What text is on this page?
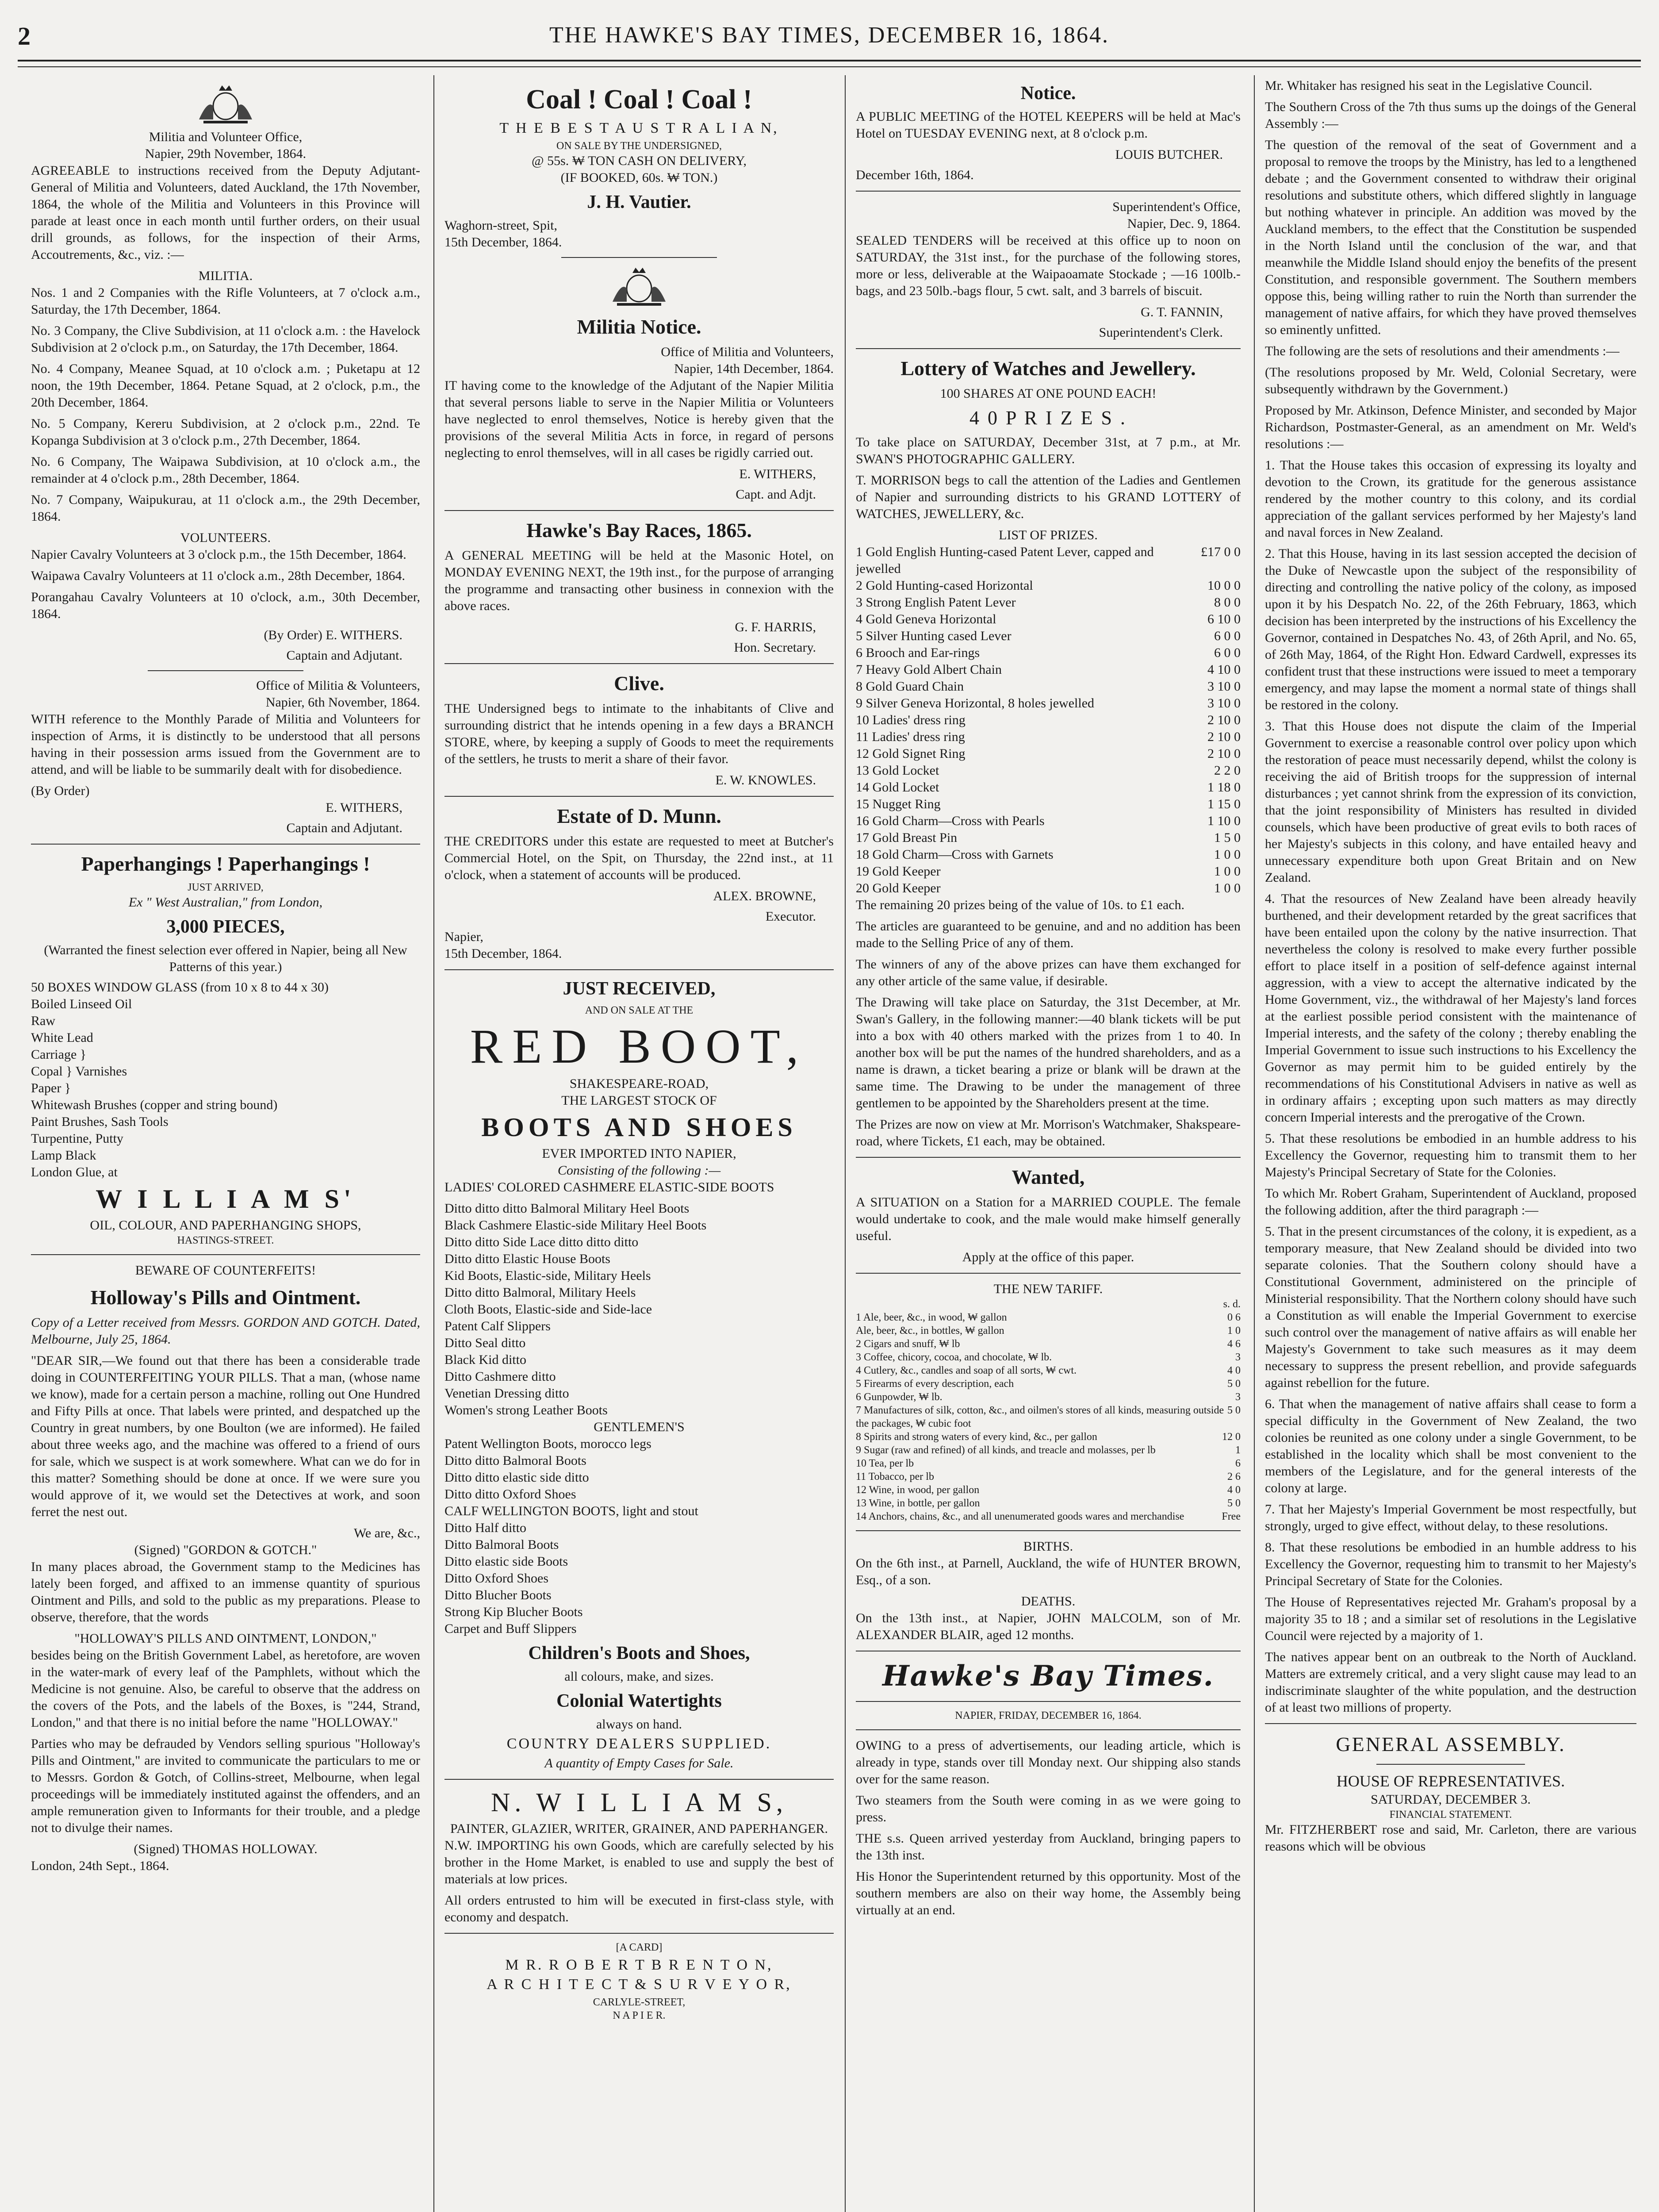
2	THE HAWKE'S BAY TIMES, DECEMBER 16, 1864.
Militia and Volunteer Office,
Napier, 29th November, 1864.

AGREEABLE to instructions received from the Deputy Adjutant-General of Militia and Volunteers, dated Auckland, the 17th November, 1864, the whole of the Militia and Volunteers in this Province will parade at least once in each month until further orders, on their usual drill grounds, as follows, for the inspection of their Arms, Accoutrements, &c., viz. :—

MILITIA.

Nos. 1 and 2 Companies with the Rifle Volunteers, at 7 o'clock a.m., Saturday, the 17th December, 1864.

No. 3 Company, the Clive Subdivision, at 11 o'clock a.m. : the Havelock Subdivision at 2 o'clock p.m., on Saturday, the 17th December, 1864.

No. 4 Company, Meanee Squad, at 10 o'clock a.m. ; Puketapu at 12 noon, the 19th December, 1864. Petane Squad, at 2 o'clock, p.m., the 20th December, 1864.

No. 5 Company, Kereru Subdivision, at 2 o'clock p.m., 22nd. Te Kopanga Subdivision at 3 o'clock p.m., 27th December, 1864.

No. 6 Company, The Waipawa Subdivision, at 10 o'clock a.m., the remainder at 4 o'clock p.m., 28th December, 1864.

No. 7 Company, Waipukurau, at 11 o'clock a.m., the 29th December, 1864.

VOLUNTEERS.

Napier Cavalry Volunteers at 3 o'clock p.m., the 15th December, 1864.

Waipawa Cavalry Volunteers at 11 o'clock a.m., 28th December, 1864.

Porangahau Cavalry Volunteers at 10 o'clock, a.m., 30th December, 1864.

(By Order) E. WITHERS.
Captain and Adjutant.
Office of Militia & Volunteers,
Napier, 6th November, 1864.

WITH reference to the Monthly Parade of Militia and Volunteers for inspection of Arms, it is distinctly to be understood that all persons having in their possession arms issued from the Government are to attend, and will be liable to be summarily dealt with for disobedience.

(By Order)
E. WITHERS,
Captain and Adjutant.
Paperhangings ! Paperhangings !
JUST ARRIVED,
Ex " West Australian," from London,
3,000 PIECES,
(Warranted the finest selection ever offered in Napier, being all New Patterns of this year.)
50 BOXES WINDOW GLASS (from 10 x 8 to 44 x 30)
Boiled Linseed Oil
Raw
White Lead
Carriage }
Copal } Varnishes
Paper }
Whitewash Brushes (copper and string bound)
Paint Brushes, Sash Tools
Turpentine, Putty
Lamp Black
London Glue, at
W I L L I A M S'
OIL, COLOUR, AND PAPERHANGING SHOPS,
HASTINGS-STREET.
BEWARE OF COUNTERFEITS!
Holloway's Pills and Ointment.

Copy of a Letter received from Messrs. GORDON AND GOTCH. Dated, Melbourne, July 25, 1864.

"DEAR SIR,—We found out that there has been a considerable trade doing in COUNTERFEITING YOUR PILLS. That a man, (whose name we know), made for a certain person a machine, rolling out One Hundred and Fifty Pills at once. That labels were printed, and despatched up the Country in great numbers, by one Boulton (we are informed). He failed about three weeks ago, and the machine was offered to a friend of ours for sale, which we suspect is at work somewhere. What can we do for in this matter? Something should be done at once. If we were sure you would approve of it, we would set the Detectives at work, and soon ferret the nest out.

We are, &c.,
(Signed) "GORDON & GOTCH."

In many places abroad, the Government stamp to the Medicines has lately been forged, and affixed to an immense quantity of spurious Ointment and Pills, and sold to the public as my preparations. Please to observe, therefore, that the words

"HOLLOWAY'S PILLS AND OINTMENT, LONDON,"

besides being on the British Government Label, as heretofore, are woven in the water-mark of every leaf of the Pamphlets, without which the Medicine is not genuine. Also, be careful to observe that the address on the covers of the Pots, and the labels of the Boxes, is "244, Strand, London," and that there is no initial before the name "HOLLOWAY."

Parties who may be defrauded by Vendors selling spurious "Holloway's Pills and Ointment," are invited to communicate the particulars to me or to Messrs. Gordon & Gotch, of Collins-street, Melbourne, when legal proceedings will be immediately instituted against the offenders, and an ample remuneration given to Informants for their trouble, and a pledge not to divulge their names.

(Signed) THOMAS HOLLOWAY.
London, 24th Sept., 1864.
Coal ! Coal ! Coal !
T H E B E S T A U S T R A L I A N,
ON SALE BY THE UNDERSIGNED,
@ 55s. ₩ TON CASH ON DELIVERY,
(IF BOOKED, 60s. ₩ TON.)
J. H. Vautier.
Waghorn-street, Spit,
15th December, 1864.
Militia Notice.
Office of Militia and Volunteers,
Napier, 14th December, 1864.

IT having come to the knowledge of the Adjutant of the Napier Militia that several persons liable to serve in the Napier Militia or Volunteers have neglected to enrol themselves, Notice is hereby given that the provisions of the several Militia Acts in force, in regard of persons neglecting to enrol themselves, will in all cases be rigidly carried out.

E. WITHERS,
Capt. and Adjt.
Hawke's Bay Races, 1865.

A GENERAL MEETING will be held at the Masonic Hotel, on MONDAY EVENING NEXT, the 19th inst., for the purpose of arranging the programme and transacting other business in connexion with the above races.

G. F. HARRIS,
Hon. Secretary.
Clive.

THE Undersigned begs to intimate to the inhabitants of Clive and surrounding district that he intends opening in a few days a BRANCH STORE, where, by keeping a supply of Goods to meet the requirements of the settlers, he trusts to merit a share of their favor.

E. W. KNOWLES.
Estate of D. Munn.

THE CREDITORS under this estate are requested to meet at Butcher's Commercial Hotel, on the Spit, on Thursday, the 22nd inst., at 11 o'clock, when a statement of accounts will be produced.

ALEX. BROWNE,
Executor.
Napier,
15th December, 1864.
JUST RECEIVED,
AND ON SALE AT THE
RED BOOT,
SHAKESPEARE-ROAD,
THE LARGEST STOCK OF
BOOTS AND SHOES
EVER IMPORTED INTO NAPIER,
Consisting of the following :—

LADIES' COLORED CASHMERE ELASTIC-SIDE BOOTS

Ditto ditto ditto Balmoral Military Heel Boots
Black Cashmere Elastic-side Military Heel Boots
Ditto ditto Side Lace ditto ditto ditto
Ditto ditto Elastic House Boots
Kid Boots, Elastic-side, Military Heels
Ditto ditto Balmoral, Military Heels
Cloth Boots, Elastic-side and Side-lace
Patent Calf Slippers
Ditto Seal ditto
Black Kid ditto
Ditto Cashmere ditto
Venetian Dressing ditto
Women's strong Leather Boots
GENTLEMEN'S
Patent Wellington Boots, morocco legs
Ditto ditto Balmoral Boots
Ditto ditto elastic side ditto
Ditto ditto Oxford Shoes
CALF WELLINGTON BOOTS, light and stout
Ditto Half ditto
Ditto Balmoral Boots
Ditto elastic side Boots
Ditto Oxford Shoes
Ditto Blucher Boots
Strong Kip Blucher Boots
Carpet and Buff Slippers
Children's Boots and Shoes,
all colours, make, and sizes.
Colonial Watertights
always on hand.
COUNTRY DEALERS SUPPLIED.
A quantity of Empty Cases for Sale.
N. W I L L I A M S,
PAINTER, GLAZIER, WRITER, GRAINER, AND PAPERHANGER.

N.W. IMPORTING his own Goods, which are carefully selected by his brother in the Home Market, is enabled to use and supply the best of materials at low prices.

All orders entrusted to him will be executed in first-class style, with economy and despatch.

[A CARD]
M R. R O B E R T B R E N T O N,
A R C H I T E C T & S U R V E Y O R,
CARLYLE-STREET,
N A P I E R.
Notice.

A PUBLIC MEETING of the HOTEL KEEPERS will be held at Mac's Hotel on TUESDAY EVENING next, at 8 o'clock p.m.

LOUIS BUTCHER.
December 16th, 1864.
Superintendent's Office,
Napier, Dec. 9, 1864.

SEALED TENDERS will be received at this office up to noon on SATURDAY, the 31st inst., for the purchase of the following stores, more or less, deliverable at the Waipaoamate Stockade ; —16 100lb.-bags, and 23 50lb.-bags flour, 5 cwt. salt, and 3 barrels of biscuit.

G. T. FANNIN,
Superintendent's Clerk.
Lottery of Watches and Jewellery.
100 SHARES AT ONE POUND EACH!
4 0 P R I Z E S .

To take place on SATURDAY, December 31st, at 7 p.m., at Mr. SWAN'S PHOTOGRAPHIC GALLERY.

T. MORRISON begs to call the attention of the Ladies and Gentlemen of Napier and surrounding districts to his GRAND LOTTERY of WATCHES, JEWELLERY, &c.

LIST OF PRIZES.
1 Gold English Hunting-cased Patent Lever, capped and jewelled
£17 0 0
2 Gold Hunting-cased Horizontal	10 0 0
3 Strong English Patent Lever	8 0 0
4 Gold Geneva Horizontal	6 10 0
5 Silver Hunting cased Lever	6 0 0
6 Brooch and Ear-rings	6 0 0
7 Heavy Gold Albert Chain	4 10 0
8 Gold Guard Chain	3 10 0
9 Silver Geneva Horizontal, 8 holes jewelled	3 10 0
10 Ladies' dress ring	2 10 0
11 Ladies' dress ring	2 10 0
12 Gold Signet Ring	2 10 0
13 Gold Locket	2 2 0
14 Gold Locket	1 18 0
15 Nugget Ring	1 15 0
16 Gold Charm—Cross with Pearls	1 10 0
17 Gold Breast Pin	1 5 0
18 Gold Charm—Cross with Garnets	1 0 0
19 Gold Keeper	1 0 0
20 Gold Keeper	1 0 0

The remaining 20 prizes being of the value of 10s. to £1 each.

The articles are guaranteed to be genuine, and and no addition has been made to the Selling Price of any of them.

The winners of any of the above prizes can have them exchanged for any other article of the same value, if desirable.

The Drawing will take place on Saturday, the 31st December, at Mr. Swan's Gallery, in the following manner:—40 blank tickets will be put into a box with 40 others marked with the prizes from 1 to 40. In another box will be put the names of the hundred shareholders, and as a name is drawn, a ticket bearing a prize or blank will be drawn at the same time. The Drawing to be under the management of three gentlemen to be appointed by the Shareholders present at the time.

The Prizes are now on view at Mr. Morrison's Watchmaker, Shakspeare-road, where Tickets, £1 each, may be obtained.

Wanted,

A SITUATION on a Station for a MARRIED COUPLE. The female would undertake to cook, and the male would make himself generally useful.

Apply at the office of this paper.
THE NEW TARIFF.
s. d.
1 Ale, beer, &c., in wood, ₩ gallon	0 6
Ale, beer, &c., in bottles, ₩ gallon	1 0
2 Cigars and snuff, ₩ lb	4 6
3 Coffee, chicory, cocoa, and chocolate, ₩ lb.	3
4 Cutlery, &c., candles and soap of all sorts, ₩ cwt.	4 0
5 Firearms of every description, each	5 0
6 Gunpowder, ₩ lb.	3
7 Manufactures of silk, cotton, &c., and oilmen's stores of all kinds, measuring outside the packages, ₩ cubic foot
5 0
8 Spirits and strong waters of every kind, &c., per gallon	12 0
9 Sugar (raw and refined) of all kinds, and treacle and molasses, per lb	1
10 Tea, per lb	6
11 Tobacco, per lb	2 6
12 Wine, in wood, per gallon	4 0
13 Wine, in bottle, per gallon	5 0
14 Anchors, chains, &c., and all unenumerated goods wares and merchandise	Free
BIRTHS.

On the 6th inst., at Parnell, Auckland, the wife of HUNTER BROWN, Esq., of a son.

DEATHS.

On the 13th inst., at Napier, JOHN MALCOLM, son of Mr. ALEXANDER BLAIR, aged 12 months.

Hawke's Bay Times.
NAPIER, FRIDAY, DECEMBER 16, 1864.

OWING to a press of advertisements, our leading article, which is already in type, stands over till Monday next. Our shipping also stands over for the same reason.

Two steamers from the South were coming in as we were going to press.

THE s.s. Queen arrived yesterday from Auckland, bringing papers to the 13th inst.

His Honor the Superintendent returned by this opportunity. Most of the southern members are also on their way home, the Assembly being virtually at an end.

Mr. Whitaker has resigned his seat in the Legislative Council.

The Southern Cross of the 7th thus sums up the doings of the General Assembly :—

The question of the removal of the seat of Government and a proposal to remove the troops by the Ministry, has led to a lengthened debate ; and the Government consented to withdraw their original resolutions and substitute others, which differed slightly in language but nothing whatever in principle. An addition was moved by the Auckland members, to the effect that the Constitution be suspended in the North Island until the conclusion of the war, and that meanwhile the Middle Island should enjoy the benefits of the present Constitution, and responsible government. The Southern members oppose this, being willing rather to ruin the North than surrender the management of native affairs, for which they have proved themselves so eminently unfitted.

The following are the sets of resolutions and their amendments :—

(The resolutions proposed by Mr. Weld, Colonial Secretary, were subsequently withdrawn by the Government.)

Proposed by Mr. Atkinson, Defence Minister, and seconded by Major Richardson, Postmaster-General, as an amendment on Mr. Weld's resolutions :—

1. That the House takes this occasion of expressing its loyalty and devotion to the Crown, its gratitude for the generous assistance rendered by the mother country to this colony, and its cordial appreciation of the gallant services performed by her Majesty's land and naval forces in New Zealand.

2. That this House, having in its last session accepted the decision of the Duke of Newcastle upon the subject of the responsibility of directing and controlling the native policy of the colony, as imposed upon it by his Despatch No. 22, of the 26th February, 1863, which decision has been interpreted by the instructions of his Excellency the Governor, contained in Despatches No. 43, of 26th April, and No. 65, of 26th May, 1864, of the Right Hon. Edward Cardwell, expresses its confident trust that these instructions were issued to meet a temporary emergency, and may lapse the moment a normal state of things shall be restored in the colony.

3. That this House does not dispute the claim of the Imperial Government to exercise a reasonable control over policy upon which the restoration of peace must necessarily depend, whilst the colony is receiving the aid of British troops for the suppression of internal disturbances ; yet cannot shrink from the expression of its conviction, that the joint responsibility of Ministers has resulted in divided counsels, which have been productive of great evils to both races of her Majesty's subjects in this colony, and have entailed heavy and unnecessary expenditure both upon Great Britain and on New Zealand.

4. That the resources of New Zealand have been already heavily burthened, and their development retarded by the great sacrifices that have been entailed upon the colony by the native insurrection. That nevertheless the colony is resolved to make every further possible effort to place itself in a position of self-defence against internal aggression, with a view to accept the alternative indicated by the Home Government, viz., the withdrawal of her Majesty's land forces at the earliest possible period consistent with the maintenance of Imperial interests, and the safety of the colony ; thereby enabling the Imperial Government to issue such instructions to his Excellency the Governor as may permit him to be guided entirely by the recommendations of his Constitutional Advisers in native as well as in ordinary affairs ; excepting upon such matters as may directly concern Imperial interests and the prerogative of the Crown.

5. That these resolutions be embodied in an humble address to his Excellency the Governor, requesting him to transmit them to her Majesty's Principal Secretary of State for the Colonies.

To which Mr. Robert Graham, Superintendent of Auckland, proposed the following addition, after the third paragraph :—

5. That in the present circumstances of the colony, it is expedient, as a temporary measure, that New Zealand should be divided into two separate colonies. That the Southern colony should have a Constitutional Government, administered on the principle of Ministerial responsibility. That the Northern colony should have such a Constitution as will enable the Imperial Government to exercise such control over the management of native affairs as will enable her Majesty's Government to take such measures as it may deem necessary to suppress the present rebellion, and provide safeguards against rebellion for the future.

6. That when the management of native affairs shall cease to form a special difficulty in the Government of New Zealand, the two colonies be reunited as one colony under a single Government, to be established in the locality which shall be most convenient to the members of the Legislature, and for the general interests of the colony at large.

7. That her Majesty's Imperial Government be most respectfully, but strongly, urged to give effect, without delay, to these resolutions.

8. That these resolutions be embodied in an humble address to his Excellency the Governor, requesting him to transmit to her Majesty's Principal Secretary of State for the Colonies.

The House of Representatives rejected Mr. Graham's proposal by a majority 35 to 18 ; and a similar set of resolutions in the Legislative Council were rejected by a majority of 1.

The natives appear bent on an outbreak to the North of Auckland. Matters are extremely critical, and a very slight cause may lead to an indiscriminate slaughter of the white population, and the destruction of at least two millions of property.

GENERAL ASSEMBLY.
HOUSE OF REPRESENTATIVES.
SATURDAY, DECEMBER 3.
FINANCIAL STATEMENT.

Mr. FITZHERBERT rose and said, Mr. Carleton, there are various reasons which will be obvious
